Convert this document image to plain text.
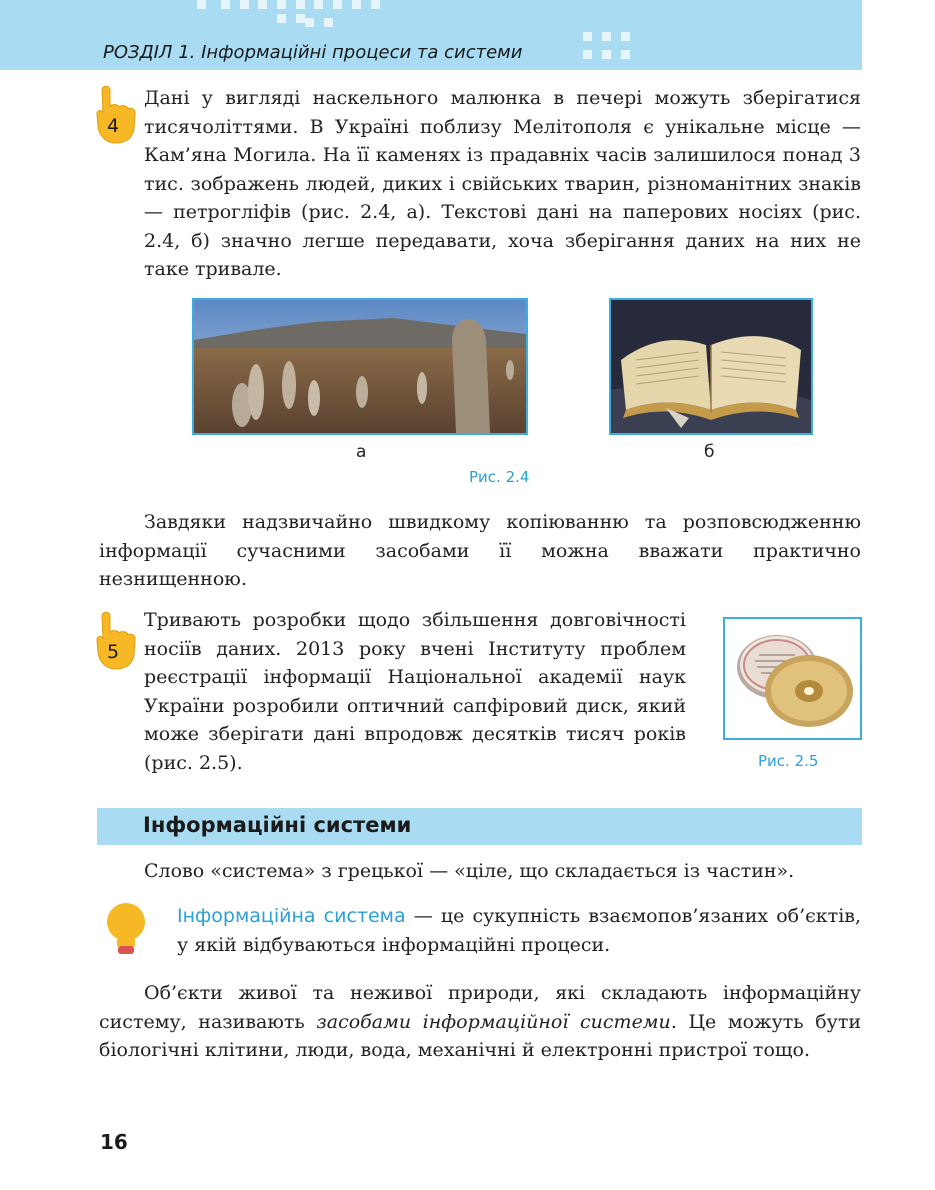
РОЗДІЛ 1. Інформаційні процеси та системи
4

Дані у вигляді наскельного малюнка в печері можуть зберігатися тисячоліттями. В Україні поблизу Мелітополя є унікальне місце — Кам’яна Могила. На її каменях із прадавніх часів залишилося понад 3 тис. зображень людей, диких і свійських тварин, різноманітних знаків — петрогліфів (рис. 2.4, а). Текстові дані на паперових носіях (рис. 2.4, б) значно легше передавати, хоча зберігання даних на них не таке тривале.

а	б
Рис. 2.4

Завдяки надзвичайно швидкому копіюванню та розповсюдженню інформації сучасними засобами її можна вважати практично незнищенною.

5

Тривають розробки щодо збільшення довговічності носіїв даних. 2013 року вчені Інституту проблем реєстрації інформації Національної академії наук України розробили оптичний сапфіровий диск, який може зберігати дані впродовж десятків тисяч років (рис. 2.5).	Рис. 2.5
Інформаційні системи

Слово «система» з грецької — «ціле, що складається із частин».

Інформаційна система — це сукупність взаємопов’язаних об’єктів, у якій відбуваються інформаційні процеси.

Об’єкти живої та неживої природи, які складають інформаційну систему, називають засобами інформаційної системи. Це можуть бути біологічні клітини, люди, вода, механічні й електронні пристрої тощо.

16
